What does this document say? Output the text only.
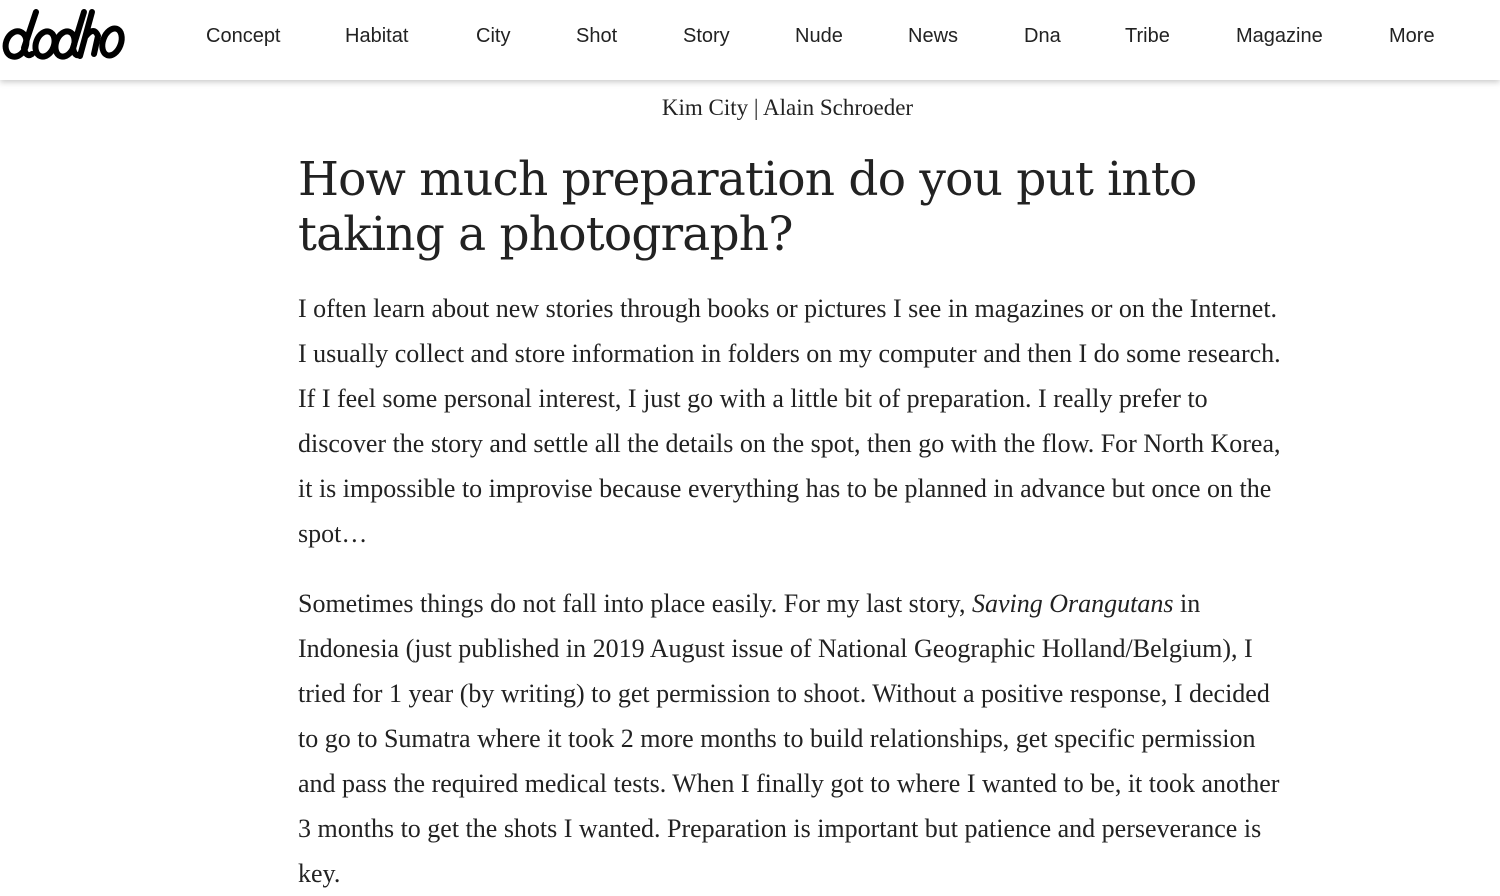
Concept	Habitat	City	Shot	Story	Nude	News	Dna	Tribe	Magazine	More
Kim City | Alain Schroeder
How much preparation do you put into taking a photograph?

I often learn about new stories through books or pictures I see in magazines or on the Internet. I usually collect and store information in folders on my computer and then I do some research. If I feel some personal interest, I just go with a little bit of preparation. I really prefer to discover the story and settle all the details on the spot, then go with the flow. For North Korea, it is impossible to improvise because everything has to be planned in advance but once on the spot…

Sometimes things do not fall into place easily. For my last story, Saving Orangutans in Indonesia (just published in 2019 August issue of National Geographic Holland/Belgium), I tried for 1 year (by writing) to get permission to shoot. Without a positive response, I decided to go to Sumatra where it took 2 more months to build relationships, get specific permission and pass the required medical tests. When I finally got to where I wanted to be, it took another 3 months to get the shots I wanted. Preparation is important but patience and perseverance is key.
